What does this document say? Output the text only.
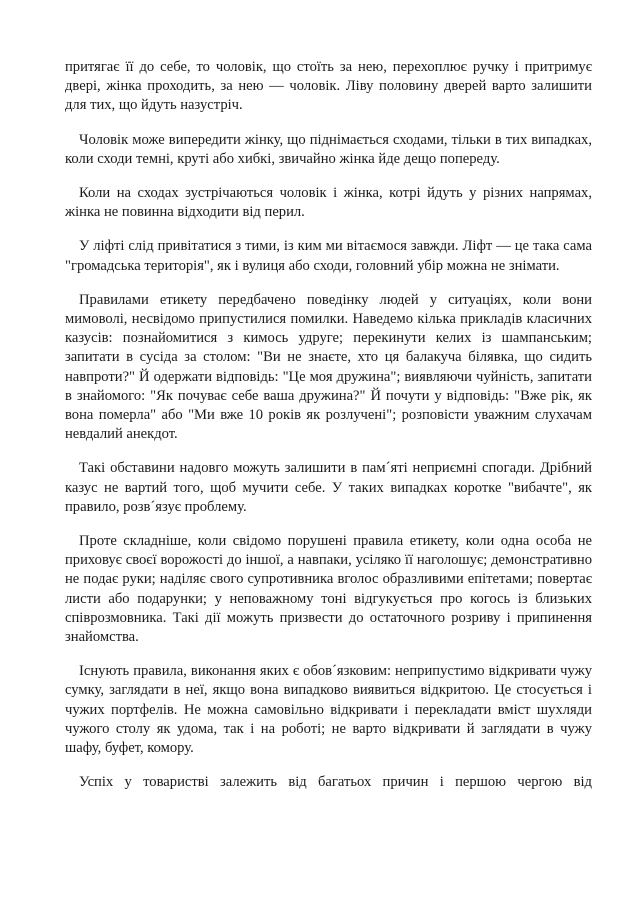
притягає її до себе, то чоловік, що стоїть за нею, перехоплює ручку і притримує двері, жінка проходить, за нею — чоловік. Ліву половину дверей варто залишити для тих, що йдуть назустріч.

Чоловік може випередити жінку, що піднімається сходами, тільки в тих випадках, коли сходи темні, круті або хибкі, звичайно жінка йде дещо попереду.

Коли на сходах зустрічаються чоловік і жінка, котрі йдуть у різних напрямах, жінка не повинна відходити від перил.

У ліфті слід привітатися з тими, із ким ми вітаємося завжди. Ліфт — це така сама "громадська територія", як і вулиця або сходи, головний убір можна не знімати.

Правилами етикету передбачено поведінку людей у ситуаціях, коли вони мимоволі, несвідомо припустилися помилки. Наведемо кілька прикладів класичних казусів: познайомитися з кимось удруге; перекинути келих із шампанським; запитати в сусіда за столом: "Ви не знаєте, хто ця балакуча білявка, що сидить навпроти?" Й одержати відповідь: "Це моя дружина"; виявляючи чуйність, запитати в знайомого: "Як почуває себе ваша дружина?" Й почути у відповідь: "Вже рік, як вона померла" або "Ми вже 10 років як розлучені"; розповісти уважним слухачам невдалий анекдот.

Такі обставини надовго можуть залишити в пам´яті неприємні спогади. Дрібний казус не вартий того, щоб мучити себе. У таких випадках коротке "вибачте", як правило, розв´язує проблему.

Проте складніше, коли свідомо порушені правила етикету, коли одна особа не приховує своєї ворожості до іншої, а навпаки, усіляко її наголошує; демонстративно не подає руки; наділяє свого супротивника вголос образливими епітетами; повертає листи або подарунки; у неповажному тоні відгукується про когось із близьких співрозмовника. Такі дії можуть призвести до остаточного розриву і припинення знайомства.

Існують правила, виконання яких є обов´язковим: неприпустимо відкривати чужу сумку, заглядати в неї, якщо вона випадково виявиться відкритою. Це стосується і чужих портфелів. Не можна самовільно відкривати і перекладати вміст шухляди чужого столу як удома, так і на роботі; не варто відкривати й заглядати в чужу шафу, буфет, комору.

Успіх у товаристві залежить від багатьох причин і першою чергою від
